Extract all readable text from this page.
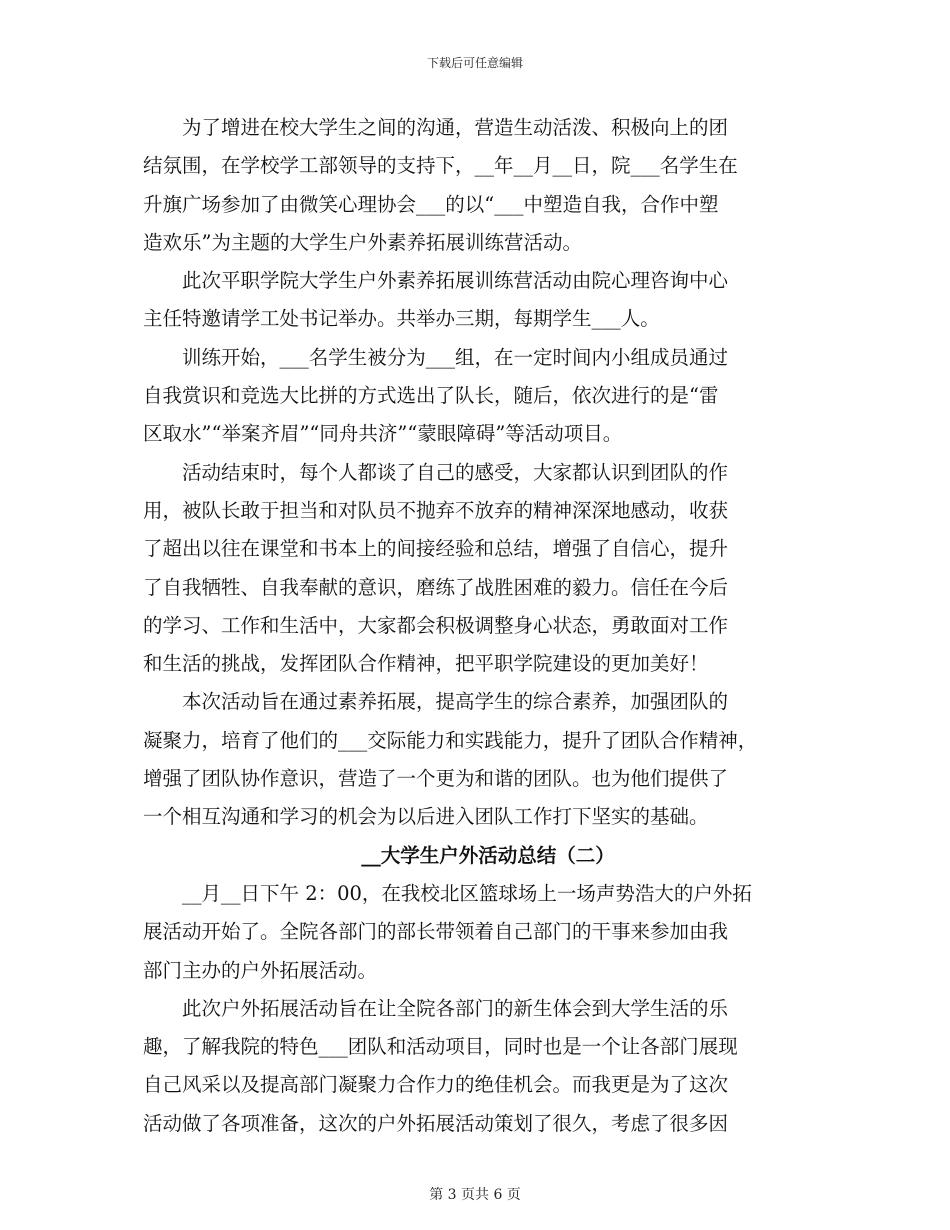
下载后可任意编辑
　　为了增进在校大学生之间的沟通，营造生动活泼、积极向上的团
结氛围，在学校学工部领导的支持下，__年__月__日，院___名学生在
升旗广场参加了由微笑心理协会___的以“___中塑造自我，合作中塑
造欢乐”为主题的大学生户外素养拓展训练营活动。
　　此次平职学院大学生户外素养拓展训练营活动由院心理咨询中心
主任特邀请学工处书记举办。共举办三期，每期学生___人。
　　训练开始，___名学生被分为___组，在一定时间内小组成员通过
自我赏识和竞选大比拼的方式选出了队长，随后，依次进行的是“雷
区取水”“举案齐眉”“同舟共济”“蒙眼障碍”等活动项目。
　　活动结束时，每个人都谈了自己的感受，大家都认识到团队的作
用，被队长敢于担当和对队员不抛弃不放弃的精神深深地感动，收获
了超出以往在课堂和书本上的间接经验和总结，增强了自信心，提升
了自我牺牲、自我奉献的意识，磨练了战胜困难的毅力。信任在今后
的学习、工作和生活中，大家都会积极调整身心状态，勇敢面对工作
和生活的挑战，发挥团队合作精神，把平职学院建设的更加美好！
　　本次活动旨在通过素养拓展，提高学生的综合素养，加强团队的
凝聚力，培育了他们的___交际能力和实践能力，提升了团队合作精神，
增强了团队协作意识，营造了一个更为和谐的团队。也为他们提供了
一个相互沟通和学习的机会为以后进入团队工作打下坚实的基础。
__大学生户外活动总结（二）
　　__月__日下午 2：00，在我校北区篮球场上一场声势浩大的户外拓
展活动开始了。全院各部门的部长带领着自己部门的干事来参加由我
部门主办的户外拓展活动。
　　此次户外拓展活动旨在让全院各部门的新生体会到大学生活的乐
趣，了解我院的特色___团队和活动项目，同时也是一个让各部门展现
自己风采以及提高部门凝聚力合作力的绝佳机会。而我更是为了这次
活动做了各项准备，这次的户外拓展活动策划了很久，考虑了很多因
第 3 页共 6 页
